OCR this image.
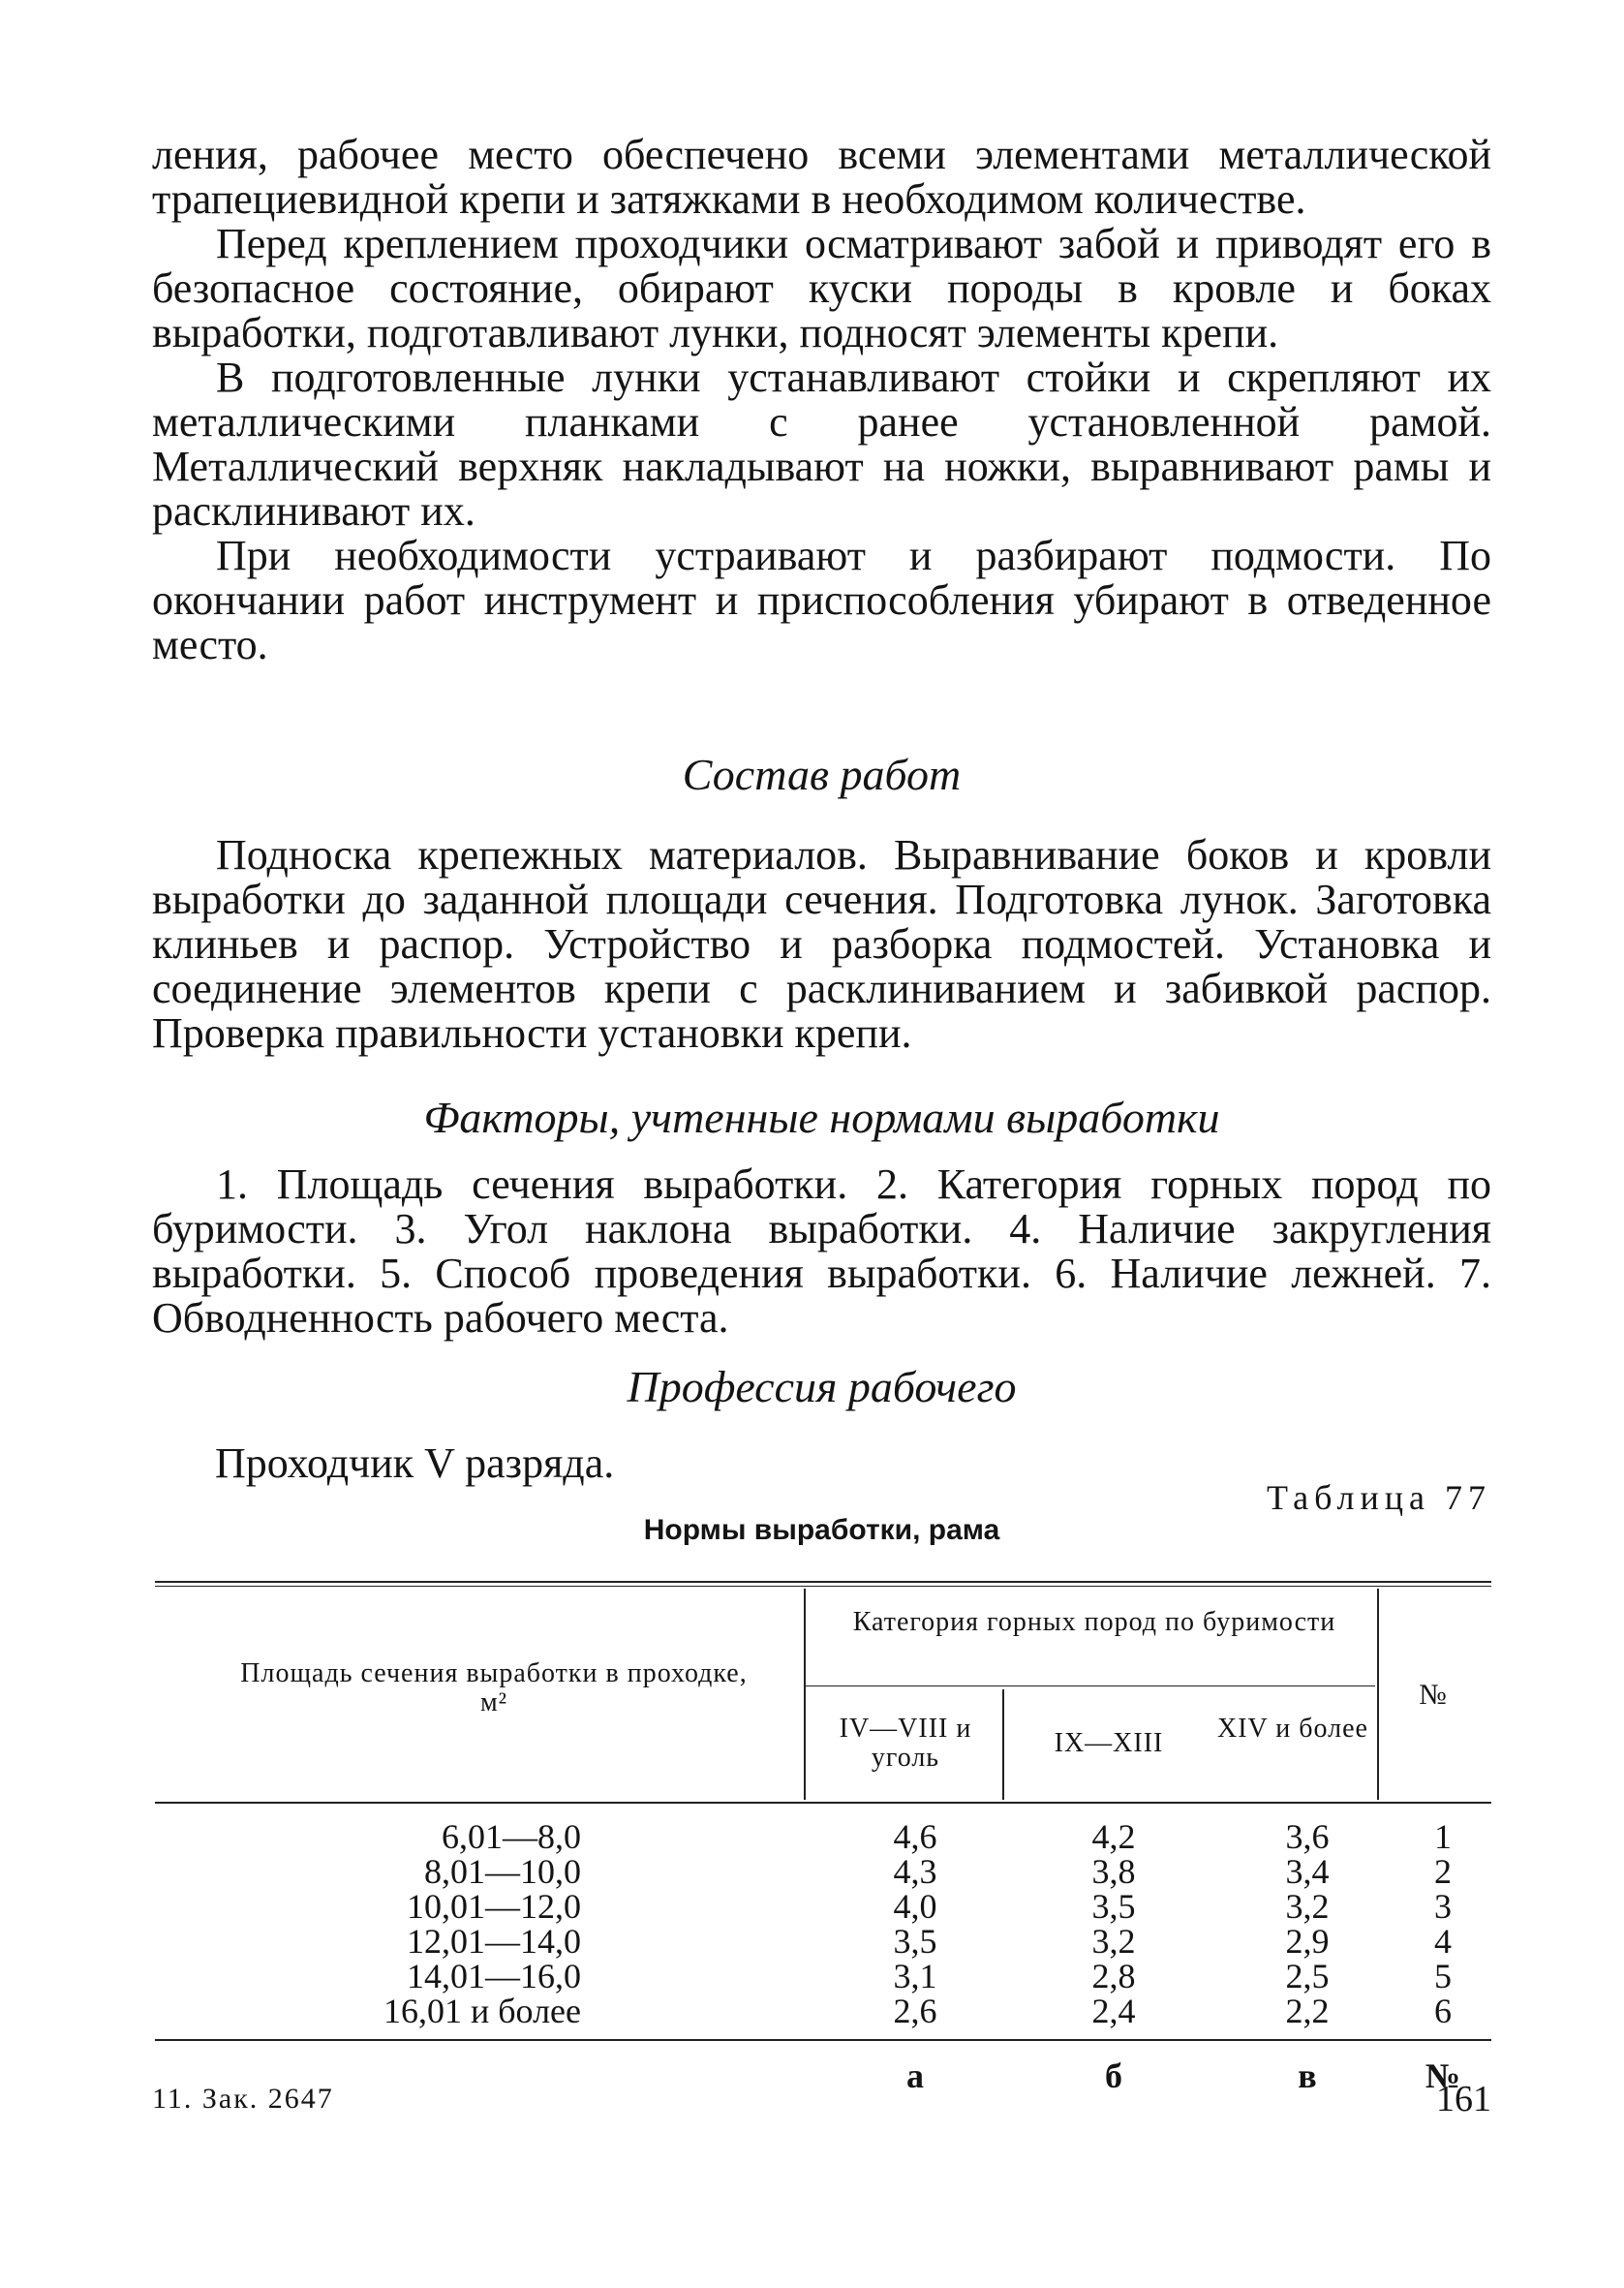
ления, рабочее место обеспечено всеми элементами металлической трапециевидной крепи и затяжками в необходимом количестве.

Перед креплением проходчики осматривают забой и приводят его в безопасное состояние, обирают куски породы в кровле и боках выработки, подготавливают лунки, подносят элементы крепи.

В подготовленные лунки устанавливают стойки и скрепляют их металлическими планками с ранее установленной рамой. Металлический верхняк накладывают на ножки, выравнивают рамы и расклинивают их.

При необходимости устраивают и разбирают подмости. По окончании работ инструмент и приспособления убирают в отведенное место.

Состав работ

Подноска крепежных материалов. Выравнивание боков и кровли выработки до заданной площади сечения. Подготовка лунок. Заготовка клиньев и распор. Устройство и разборка подмостей. Установка и соединение элементов крепи с расклиниванием и забивкой распор. Проверка правильности установки крепи.

Факторы, учтенные нормами выработки

1. Площадь сечения выработки. 2. Категория горных пород по буримости. 3. Угол наклона выработки. 4. Наличие закругления выработки. 5. Способ проведения выработки. 6. Наличие лежней. 7. Обводненность рабочего места.

Профессия рабочего
Проходчик V разряда.
Таблица 77
Нормы выработки, рама
Площадь сечения выработки в проходке, м²
Категория горных пород по буримости
IV—VIII и уголь	IX—XIII	XIV и более
№
6,01—8,0	4,6	4,2	3,6	1
8,01—10,0	4,3	3,8	3,4	2
10,01—12,0	4,0	3,5	3,2	3
12,01—14,0	3,5	3,2	2,9	4
14,01—16,0	3,1	2,8	2,5	5
16,01 и более	2,6	2,4	2,2	6
а	б	в	№
11. Зак. 2647	161
